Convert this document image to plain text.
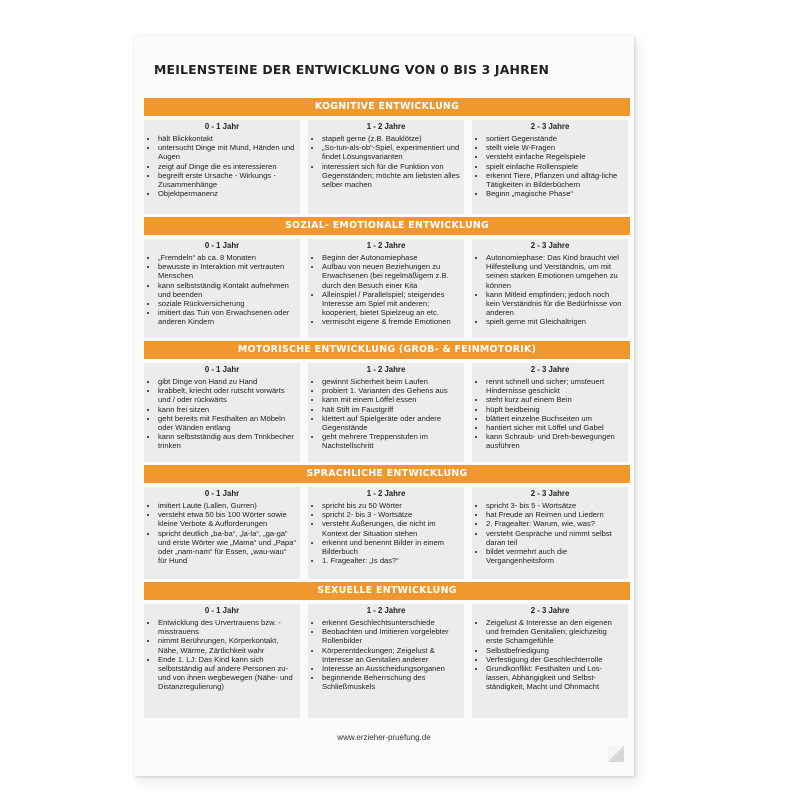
MEILENSTEINE DER ENTWICKLUNG VON 0 BIS 3 JAHREN
KOGNITIVE ENTWICKLUNG
0 - 1 Jahr
• hält Blickkontakt
• untersucht Dinge mit Mund, Händen und Augen
• zeigt auf Dinge die es interessieren
• begreift erste Ursache - Wirkungs - Zusammenhänge
• Objektpermanenz
1 - 2 Jahre
• stapelt gerne (z.B. Bauklötze)
• „So-tun-als-ob“-Spiel, experimentiert und findet Lösungsvarianten
• interessiert sich für die Funktion von Gegenständen; möchte am liebsten alles selber machen
2 - 3 Jahre
• sortiert Gegenstände
• stellt viele W-Fragen
• versteht einfache Regelspiele
• spielt einfache Rollenspiele
• erkennt Tiere, Pflanzen und alltäg-liche Tätigkeiten in Bilderbüchern
• Beginn „magische Phase“
SOZIAL- EMOTIONALE ENTWICKLUNG
0 - 1 Jahr
• „Fremdeln“ ab ca. 8 Monaten
• bewusste in Interaktion mit vertrauten Menschen
• kann selbstständig Kontakt aufnehmen und beenden
• soziale Rückversicherung
• imitiert das Tun von Erwachsenen oder anderen Kindern
1 - 2 Jahre
• Beginn der Autonomiephase
• Aufbau von neuen Beziehungen zu Erwachsenen (bei regelmäßigem z.B. durch den Besuch einer Kita
• Alleinspiel / Parallelspiel; steigendes Interesse am Spiel mit anderen; kooperiert, bietet Spielzeug an etc.
• vermischt eigene & fremde Emotionen
2 - 3 Jahre
• Autonomiephase: Das Kind braucht viel Hilfestellung und Verständnis, um mit seinen starken Emotionen umgehen zu können
• kann Mitleid empfinden; jedoch noch kein Verständnis für die Bedürfnisse von anderen
• spielt gerne mit Gleichaltrigen
MOTORISCHE ENTWICKLUNG (GROB- & FEINMOTORIK)
0 - 1 Jahr
• gibt Dinge von Hand zu Hand
• krabbelt, kriecht oder rutscht vorwärts und / oder rückwärts
• kann frei sitzen
• geht bereits mit Festhalten an Möbeln oder Wänden entlang
• kann selbstständig aus dem Trinkbecher trinken
1 - 2 Jahre
• gewinnt Sicherheit beim Laufen
• probiert 1. Varianten des Gehens aus
• kann mit einem Löffel essen
• hält Stift im Faustgriff
• klettert auf Spielgeräte oder andere Gegenstände
• geht mehrere Treppenstufen im Nachstellschritt
2 - 3 Jahre
• rennt schnell und sicher; umsteuert Hindernisse geschickt
• steht kurz auf einem Bein
• hüpft beidbeinig
• blättert einzelne Buchseiten um
• hantiert sicher mit Löffel und Gabel
• kann Schraub- und Dreh-bewegungen ausführen
SPRACHLICHE ENTWICKLUNG
0 - 1 Jahr
• imitiert Laute (Lallen, Gurren)
• versteht etwa 50 bis 100 Wörter sowie kleine Verbote & Aufforderungen
• spricht deutlich „ba-ba“, „la-la“, „ga-ga“ und erste Wörter wie „Mama“ und „Papa“ oder „nam-nam“ für Essen, „wau-wau“ für Hund
1 - 2 Jahre
• spricht bis zu 50 Wörter
• spricht 2- bis 3 - Wortsätze
• versteht Äußerungen, die nicht im Kontext der Situation stehen
• erkennt und benennt Bilder in einem Bilderbuch
• 1. Fragealter: „Is das?“
2 - 3 Jahre
• spricht 3- bis 5 - Wortsätze
• hat Freude an Reimen und Liedern
• 2. Fragealter: Warum, wie, was?
• versteht Gespräche und nimmt selbst daran teil
• bildet vermehrt auch die Vergangenheitsform
SEXUELLE ENTWICKLUNG
0 - 1 Jahr
• Entwicklung des Urvertrauens bzw. -misstrauens
• nimmt Berührungen, Körperkontakt, Nähe, Wärme, Zärtlichkeit wahr
• Ende 1. LJ: Das Kind kann sich selbstständig auf andere Personen zu- und von ihnen wegbewegen (Nähe- und Distanzregulierung)
1 - 2 Jahre
• erkennt Geschlechtsunterschiede
• Beobachten und Imitieren vorgelebter Rollenbilder
• Körperentdeckungen; Zeigelust & Interesse an Genitalien anderer
• Interesse an Ausscheidungsorganen
• beginnende Beherrschung des Schließmuskels
2 - 3 Jahre
• Zeigelust & Interesse an den eigenen und fremden Genitalien; gleichzeitig erste Schamgefühle
• Selbstbefriedigung
• Verfestigung der Geschlechterrolle
• Grundkonflikt: Festhalten und Los-lassen, Abhängigkeit und Selbst-ständigkeit, Macht und Ohnmacht
www.erzieher-pruefung.de
